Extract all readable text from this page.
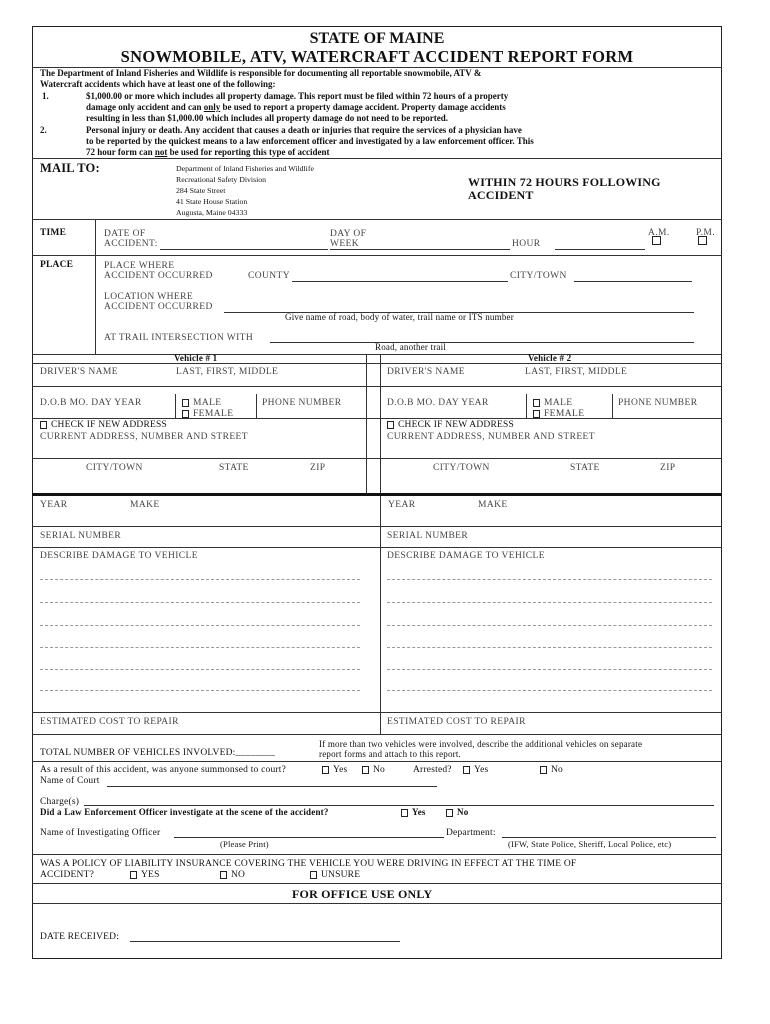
STATE OF MAINE
SNOWMOBILE, ATV, WATERCRAFT ACCIDENT REPORT FORM
The Department of Inland Fisheries and Wildlife is responsible for documenting all reportable snowmobile, ATV &
Watercraft accidents which have at least one of the following:
1.	$1,000.00 or more which includes all property damage. This report must be filed within 72 hours of a property
damage only accident and can only be used to report a property damage accident. Property damage accidents
resulting in less than $1,000.00 which includes all property damage do not need to be reported.
2.	Personal injury or death. Any accident that causes a death or injuries that require the services of a physician have
to be reported by the quickest means to a law enforcement officer and investigated by a law enforcement officer. This
72 hour form can not be used for reporting this type of accident
MAIL TO:	Department of Inland Fisheries and Wildlife
Recreational Safety Division
284 State Street
41 State House Station
Augusta, Maine 04333
WITHIN 72 HOURS FOLLOWING
ACCIDENT
TIME	DATE OF
ACCIDENT:
DAY OF
WEEK	HOUR
A.M.	P.M.
PLACE	PLACE WHERE
ACCIDENT OCCURRED	COUNTY	CITY/TOWN
LOCATION WHERE
ACCIDENT OCCURRED
Give name of road, body of water, trail name or ITS number
AT TRAIL INTERSECTION WITH
Road, another trail
Vehicle # 1
DRIVER'S NAME	LAST, FIRST, MIDDLE
D.O.B MO. DAY YEAR	MALE
FEMALE
PHONE NUMBER
CHECK IF NEW ADDRESS
CURRENT ADDRESS, NUMBER AND STREET
CITY/TOWN	STATE	ZIP
YEAR	MAKE
SERIAL NUMBER
DESCRIBE DAMAGE TO VEHICLE
ESTIMATED COST TO REPAIR
Vehicle # 2
DRIVER'S NAME	LAST, FIRST, MIDDLE
D.O.B MO. DAY YEAR	MALE
FEMALE
PHONE NUMBER
CHECK IF NEW ADDRESS
CURRENT ADDRESS, NUMBER AND STREET
CITY/TOWN	STATE	ZIP
YEAR	MAKE
SERIAL NUMBER
DESCRIBE DAMAGE TO VEHICLE
ESTIMATED COST TO REPAIR
TOTAL NUMBER OF VEHICLES INVOLVED:________
If more than two vehicles were involved, describe the additional vehicles on separate
report forms and attach to this report.
As a result of this accident, was anyone summonsed to court?	Yes	No	Arrested?	Yes	No
Name of Court
Charge(s)
Did a Law Enforcement Officer investigate at the scene of the accident?	Yes	No
Name of Investigating Officer
(Please Print)
Department:
(IFW, State Police, Sheriff, Local Police, etc)
WAS A POLICY OF LIABILITY INSURANCE COVERING THE VEHICLE YOU WERE DRIVING IN EFFECT AT THE TIME OF
ACCIDENT?	YES	NO	UNSURE
FOR OFFICE USE ONLY
DATE RECEIVED:
